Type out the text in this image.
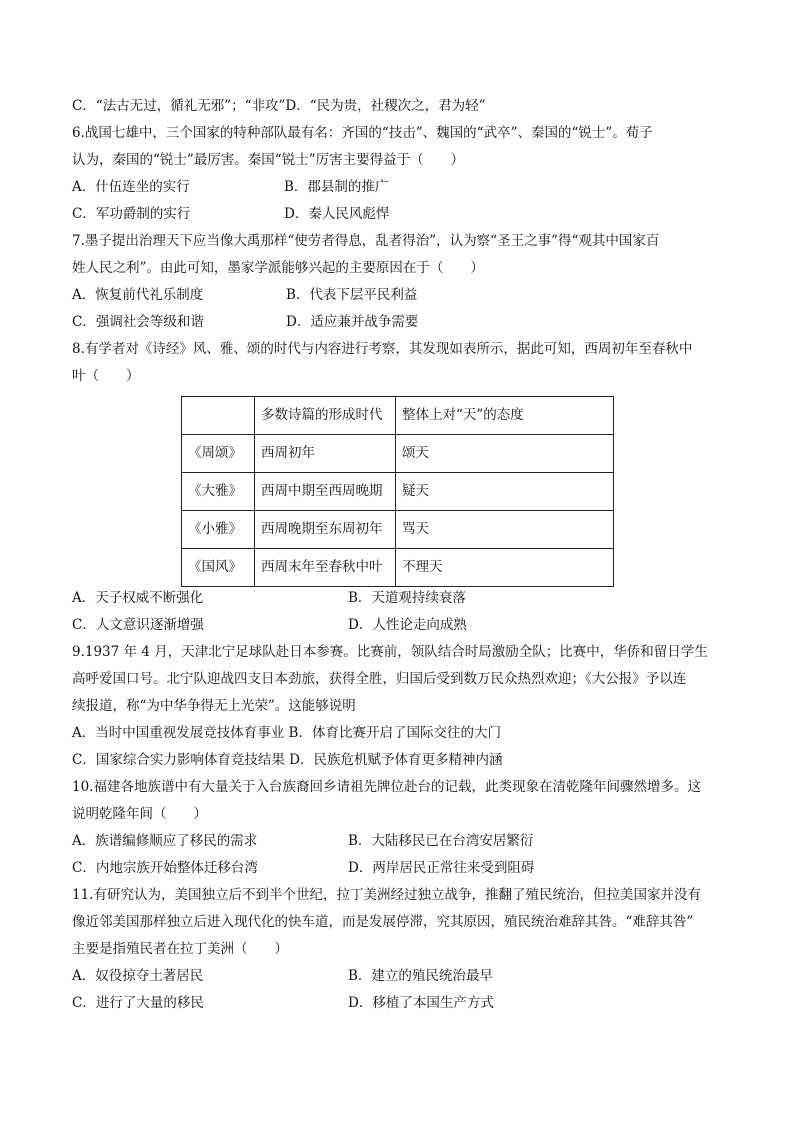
C．“法古无过，循礼无邪”；“非攻”D．“民为贵，社稷次之，君为轻”
6.战国七雄中，三个国家的特种部队最有名：齐国的“技击”、魏国的“武卒”、秦国的“锐士”。荀子
认为，秦国的“锐士”最厉害。秦国“锐士”厉害主要得益于（　　）
A．什伍连坐的实行	B．郡县制的推广
C．军功爵制的实行	D．秦人民风彪悍
7.墨子提出治理天下应当像大禹那样“使劳者得息，乱者得治”，认为察“圣王之事”得“观其中国家百
姓人民之利”。由此可知，墨家学派能够兴起的主要原因在于（　　）
A．恢复前代礼乐制度	B．代表下层平民利益
C．强调社会等级和谐	D．适应兼并战争需要
8.有学者对《诗经》风、雅、颂的时代与内容进行考察，其发现如表所示，据此可知，西周初年至春秋中
叶（　　）
	多数诗篇的形成时代	整体上对“天”的态度
《周颂》	西周初年	颂天
《大雅》	西周中期至西周晚期	疑天
《小雅》	西周晚期至东周初年	骂天
《国风》	西周末年至春秋中叶	不理天
A．天子权威不断强化	B．天道观持续衰落
C．人文意识逐渐增强	D．人性论走向成熟
9.1937 年 4 月，天津北宁足球队赴日本参赛。比赛前，领队结合时局激励全队；比赛中，华侨和留日学生
高呼爱国口号。北宁队迎战四支日本劲旅，获得全胜，归国后受到数万民众热烈欢迎；《大公报》予以连
续报道，称“为中华争得无上光荣”。这能够说明
A．当时中国重视发展竞技体育事业 B．体育比赛开启了国际交往的大门
C．国家综合实力影响体育竞技结果 D．民族危机赋予体育更多精神内涵
10.福建各地族谱中有大量关于入台族裔回乡请祖先牌位赴台的记载，此类现象在清乾隆年间骤然增多。这
说明乾隆年间（　　）
A．族谱编修顺应了移民的需求	B．大陆移民已在台湾安居繁衍
C．内地宗族开始整体迁移台湾	D．两岸居民正常往来受到阻碍
11.有研究认为，美国独立后不到半个世纪，拉丁美洲经过独立战争，推翻了殖民统治，但拉美国家并没有
像近邻美国那样独立后进入现代化的快车道，而是发展停滞，究其原因，殖民统治难辞其咎。“难辞其咎”
主要是指殖民者在拉丁美洲（　　）
A．奴役掠夺土著居民	B．建立的殖民统治最早
C．进行了大量的移民	D．移植了本国生产方式
